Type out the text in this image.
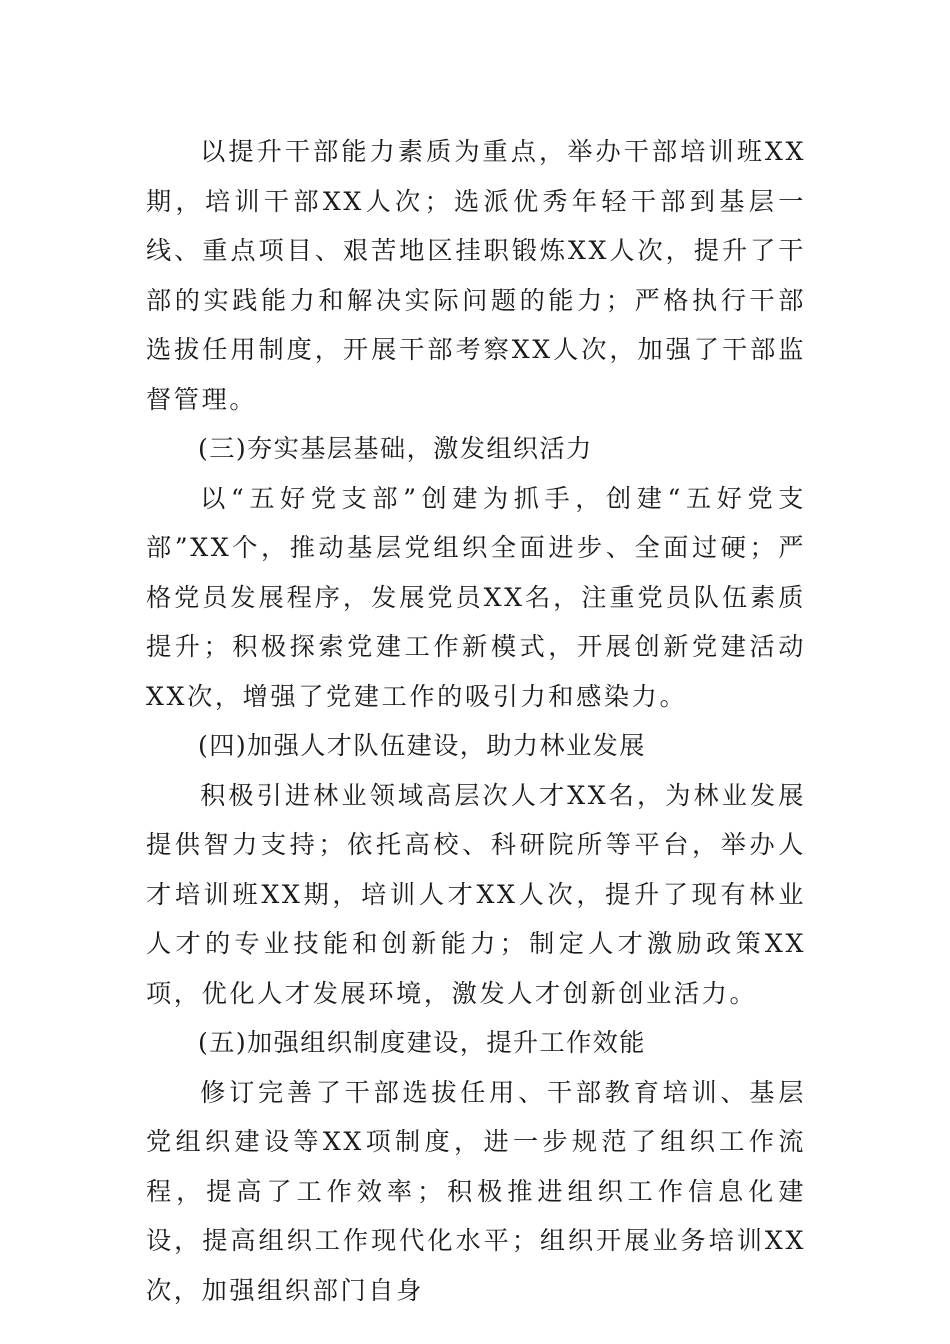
以提升干部能力素质为重点，举办干部培训班XX期，培训干部XX人次；选派优秀年轻干部到基层一线、重点项目、艰苦地区挂职锻炼XX人次，提升了干部的实践能力和解决实际问题的能力；严格执行干部选拔任用制度，开展干部考察XX人次，加强了干部监督管理。

(三)夯实基层基础，激发组织活力

以“五好党支部”创建为抓手，创建“五好党支部”XX个，推动基层党组织全面进步、全面过硬；严格党员发展程序，发展党员XX名，注重党员队伍素质提升；积极探索党建工作新模式，开展创新党建活动XX次，增强了党建工作的吸引力和感染力。

(四)加强人才队伍建设，助力林业发展

积极引进林业领域高层次人才XX名，为林业发展提供智力支持；依托高校、科研院所等平台，举办人才培训班XX期，培训人才XX人次，提升了现有林业人才的专业技能和创新能力；制定人才激励政策XX项，优化人才发展环境，激发人才创新创业活力。

(五)加强组织制度建设，提升工作效能

修订完善了干部选拔任用、干部教育培训、基层党组织建设等XX项制度，进一步规范了组织工作流程，提高了工作效率；积极推进组织工作信息化建设，提高组织工作现代化水平；组织开展业务培训XX次，加强组织部门自身
